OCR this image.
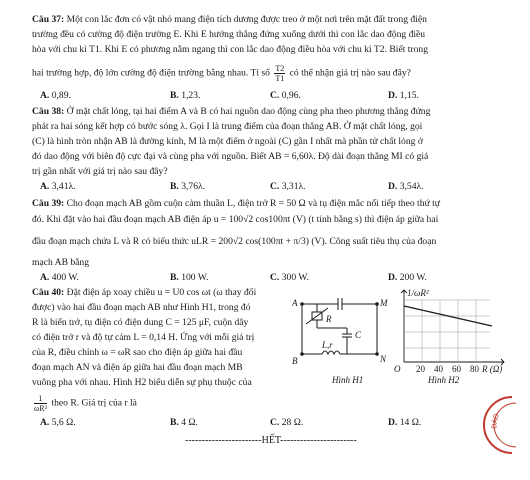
Câu 37: Một con lắc đơn có vật nhỏ mang điện tích dương được treo ở một nơi trên mặt đất trong điện
trường đều có cường độ điện trường E. Khi E hướng thẳng đứng xuống dưới thì con lắc dao động điều
hòa với chu kì T1. Khi E có phương nằm ngang thì con lắc dao động điều hòa với chu kì T2. Biết trong
hai trường hợp, độ lớn cường độ điện trường bằng nhau. Tỉ số $\frac{T2}{T1}$ có thể nhận giá trị nào sau đây?
A. 0,89.	B. 1,23.	C. 0,96.	D. 1,15.
Câu 38: Ở mặt chất lỏng, tại hai điểm A và B có hai nguồn dao động cùng pha theo phương thẳng đứng
phát ra hai sóng kết hợp có bước sóng λ. Gọi I là trung điểm của đoạn thẳng AB. Ở mặt chất lỏng, gọi
(C) là hình tròn nhận AB là đường kính, M là một điểm ở ngoài (C) gần I nhất mà phần tử chất lỏng ở
đó dao động với biên độ cực đại và cùng pha với nguồn. Biết AB = 6,60λ. Độ dài đoạn thẳng MI có giá
trị gần nhất với giá trị nào sau đây?
A. 3,41λ.	B. 3,76λ.	C. 3,31λ.	D. 3,54λ.
Câu 39: Cho đoạn mạch AB gồm cuộn cảm thuần L, điện trở R = 50 Ω và tụ điện mắc nối tiếp theo thứ tự
đó. Khi đặt vào hai đầu đoạn mạch AB điện áp u = 100√2 cos100πt (V) (t tính bằng s) thì điện áp giữa hai
đầu đoạn mạch chứa L và R có biểu thức uLR = 200√2 cos(100πt + π/3) (V). Công suất tiêu thụ của đoạn
mạch AB bằng
A. 400 W.	B. 100 W.	C. 300 W.	D. 200 W.
Câu 40: Đặt điện áp xoay chiều u = U0 cos ωt (ω thay đổi
được) vào hai đầu đoạn mạch AB như Hình H1, trong đó
R là biến trở, tụ điện có điện dung C = 125 μF, cuộn dây
có điện trở r và độ tự cảm L = 0,14 H. Ứng với mỗi giá trị
của R, điều chỉnh ω = ωR sao cho điện áp giữa hai đầu
đoạn mạch AN và điện áp giữa hai đầu đoạn mạch MB
vuông pha với nhau. Hình H2 biểu diễn sự phụ thuộc của
$\frac{1}{\text{ωR²}}$ theo R. Giá trị của r là
A. 5,6 Ω.	B. 4 Ω.	C. 28 Ω.	D. 14 Ω.
A	M
R
C
L,r
B	N
Hình H1
1/ωR²
O 20 40 60 80 R (Ω)
Hình H2
-----------------------HẾT-----------------------
ĐÁO
